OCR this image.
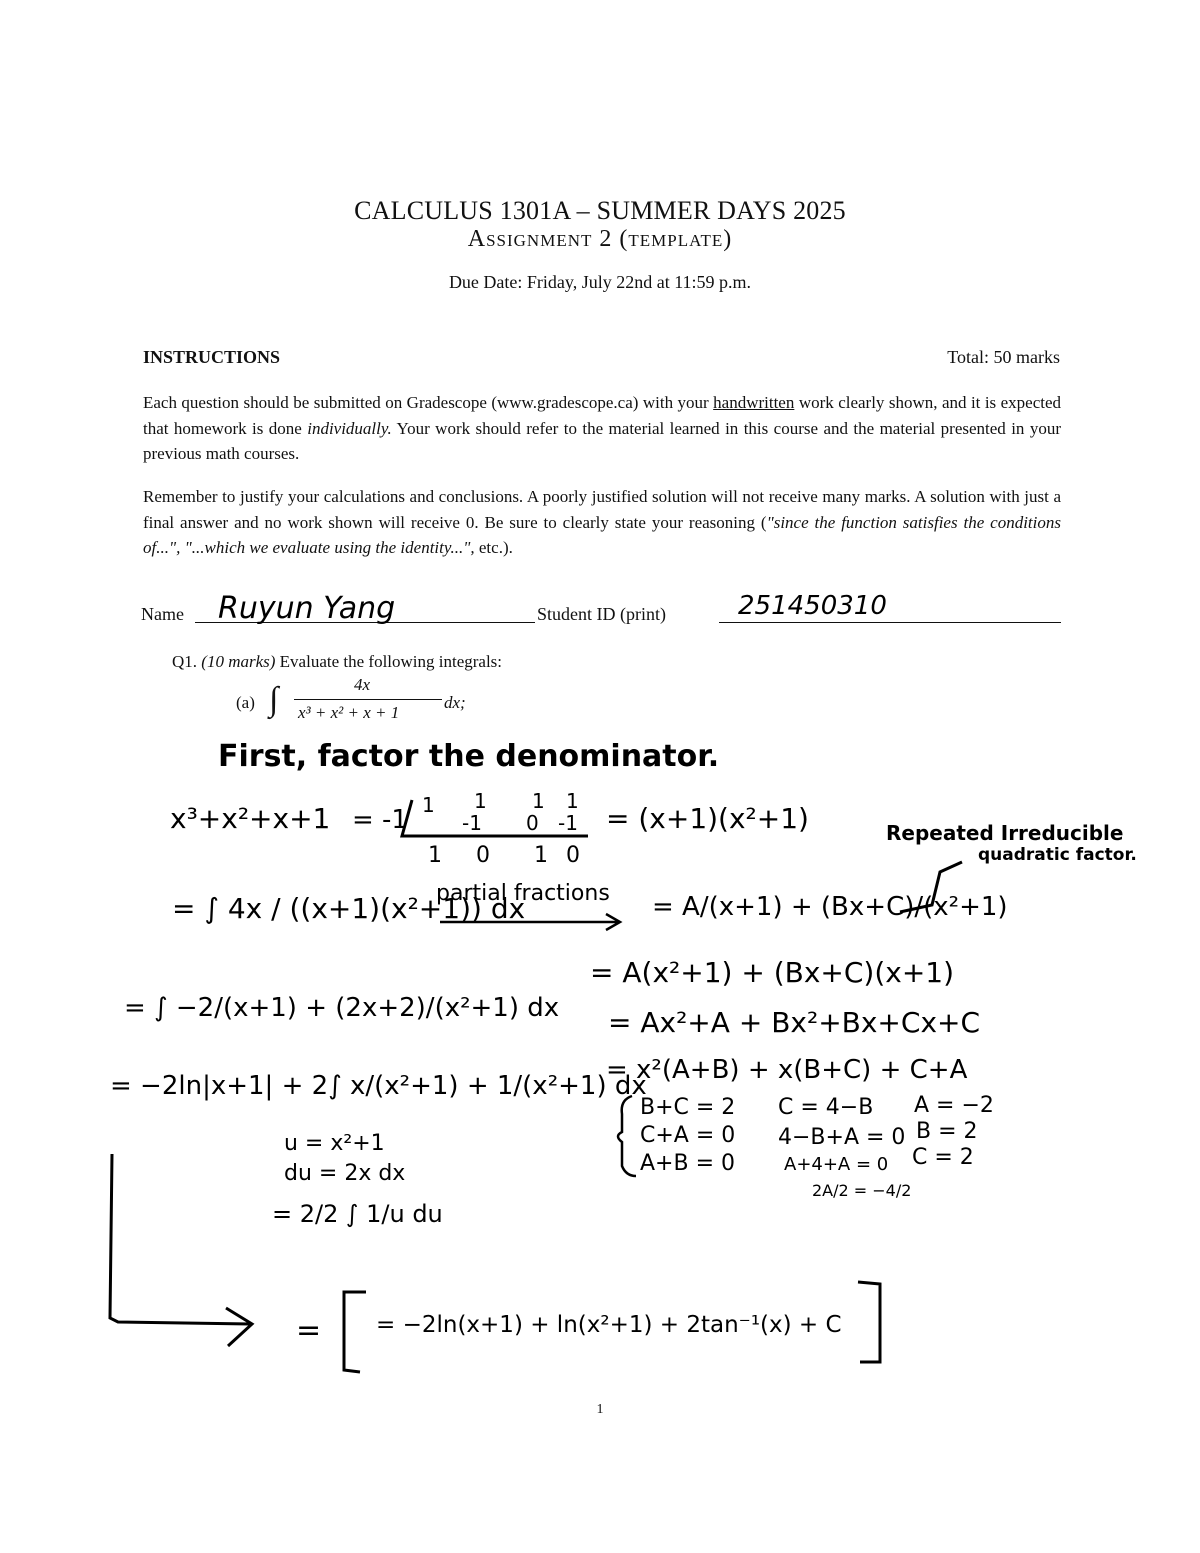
CALCULUS 1301A – SUMMER DAYS 2025
Assignment 2 (template)
Due Date: Friday, July 22nd at 11:59 p.m.
INSTRUCTIONS	Total: 50 marks
Each question should be submitted on Gradescope (www.gradescope.ca) with your handwritten work clearly shown, and it is expected that homework is done individually. Your work should refer to the material learned in this course and the material presented in your previous math courses.
Remember to justify your calculations and conclusions. A poorly justified solution will not receive many marks. A solution with just a final answer and no work shown will receive 0. Be sure to clearly state your reasoning ("since the function satisfies the conditions of...", "...which we evaluate using the identity...", etc.).
Name	Student ID (print)
Q1. (10 marks) Evaluate the following integrals:
(a) ∫	4x
x³ + x² + x + 1
dx;
Ruyun Yang	251450310
First, factor the denominator.
x³+x²+x+1 = -1 1 1 1 1
-1 0 -1
1 0 1 0
= (x+1)(x²+1)	Repeated Irreducible
quadratic factor.
= ∫ 4x / ((x+1)(x²+1)) dx
partial fractions = A/(x+1) + (Bx+C)/(x²+1)
= A(x²+1) + (Bx+C)(x+1)
= Ax²+A + Bx²+Bx+Cx+C
= x²(A+B) + x(B+C) + C+A
= ∫ −2/(x+1) + (2x+2)/(x²+1) dx
= −2ln|x+1| + 2∫ x/(x²+1) + 1/(x²+1) dx
B+C = 2
C+A = 0
A+B = 0
C = 4−B
4−B+A = 0
A+4+A = 0
2A/2 = −4/2
A = −2
B = 2
C = 2
u = x²+1
du = 2x dx
= 2/2 ∫ 1/u du
= = −2ln(x+1) + ln(x²+1) + 2tan⁻¹(x) + C
1
